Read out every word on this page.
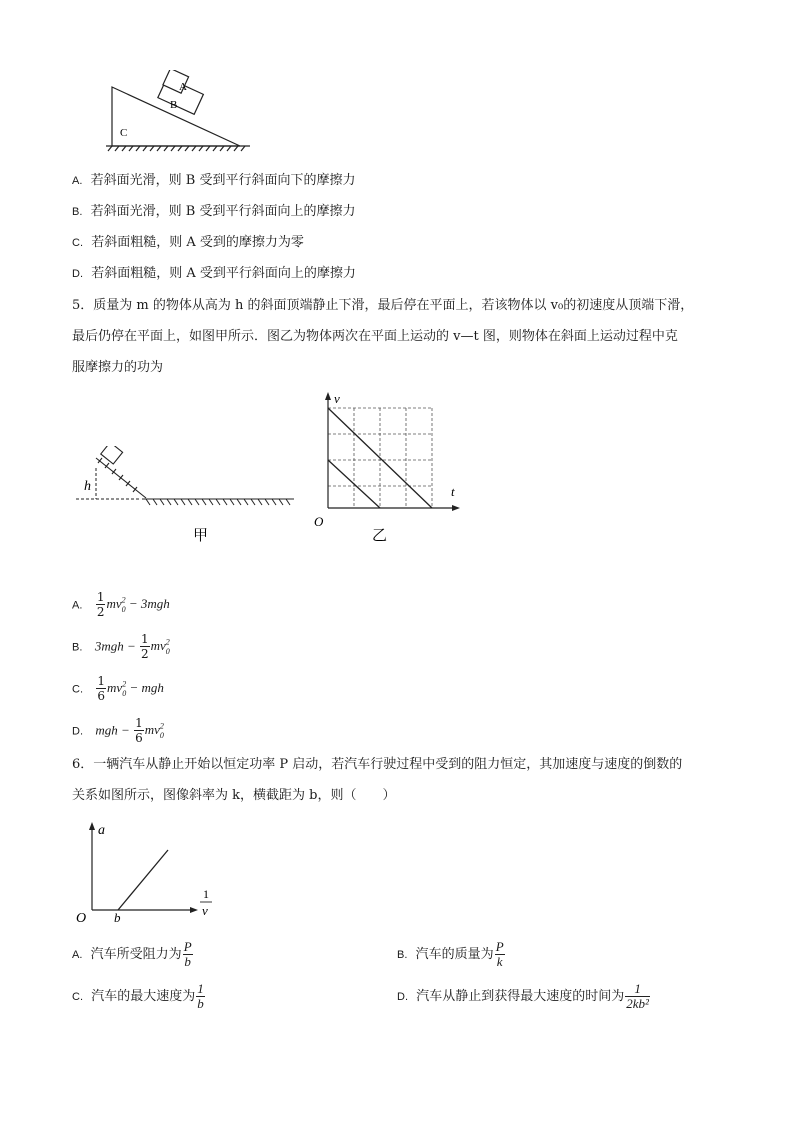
A
B
C
A. 若斜面光滑，则 B 受到平行斜面向下的摩擦力
B. 若斜面光滑，则 B 受到平行斜面向上的摩擦力
C. 若斜面粗糙，则 A 受到的摩擦力为零
D. 若斜面粗糙，则 A 受到平行斜面向上的摩擦力
5．质量为 m 的物体从高为 h 的斜面顶端静止下滑，最后停在平面上，若该物体以 v₀的初速度从顶端下滑，
最后仍停在平面上，如图甲所示．图乙为物体两次在平面上运动的 v—t 图，则物体在斜面上运动过程中克
服摩擦力的功为
h
甲
v
t
O
乙
A. $\frac{1}{2} mv^2_0 - 3mgh$
B. $3mgh - \frac{1}{2} mv^2_0$
C. $\frac{1}{6} mv^2_0$ − mgh
D. mgh − $\frac{1}{6} mv^2_0$
6．一辆汽车从静止开始以恒定功率 P 启动，若汽车行驶过程中受到的阻力恒定，其加速度与速度的倒数的
关系如图所示，图像斜率为 k，横截距为 b，则（　　）
a
O b
1
v
A. 汽车所受阻力为 $\frac{P}{b}$	B. 汽车的质量为 $\frac{P}{k}$
C. 汽车的最大速度为 $\frac{1}{b}$	D. 汽车从静止到获得最大速度的时间为 $\frac{1}{\text{2kb²}}$
